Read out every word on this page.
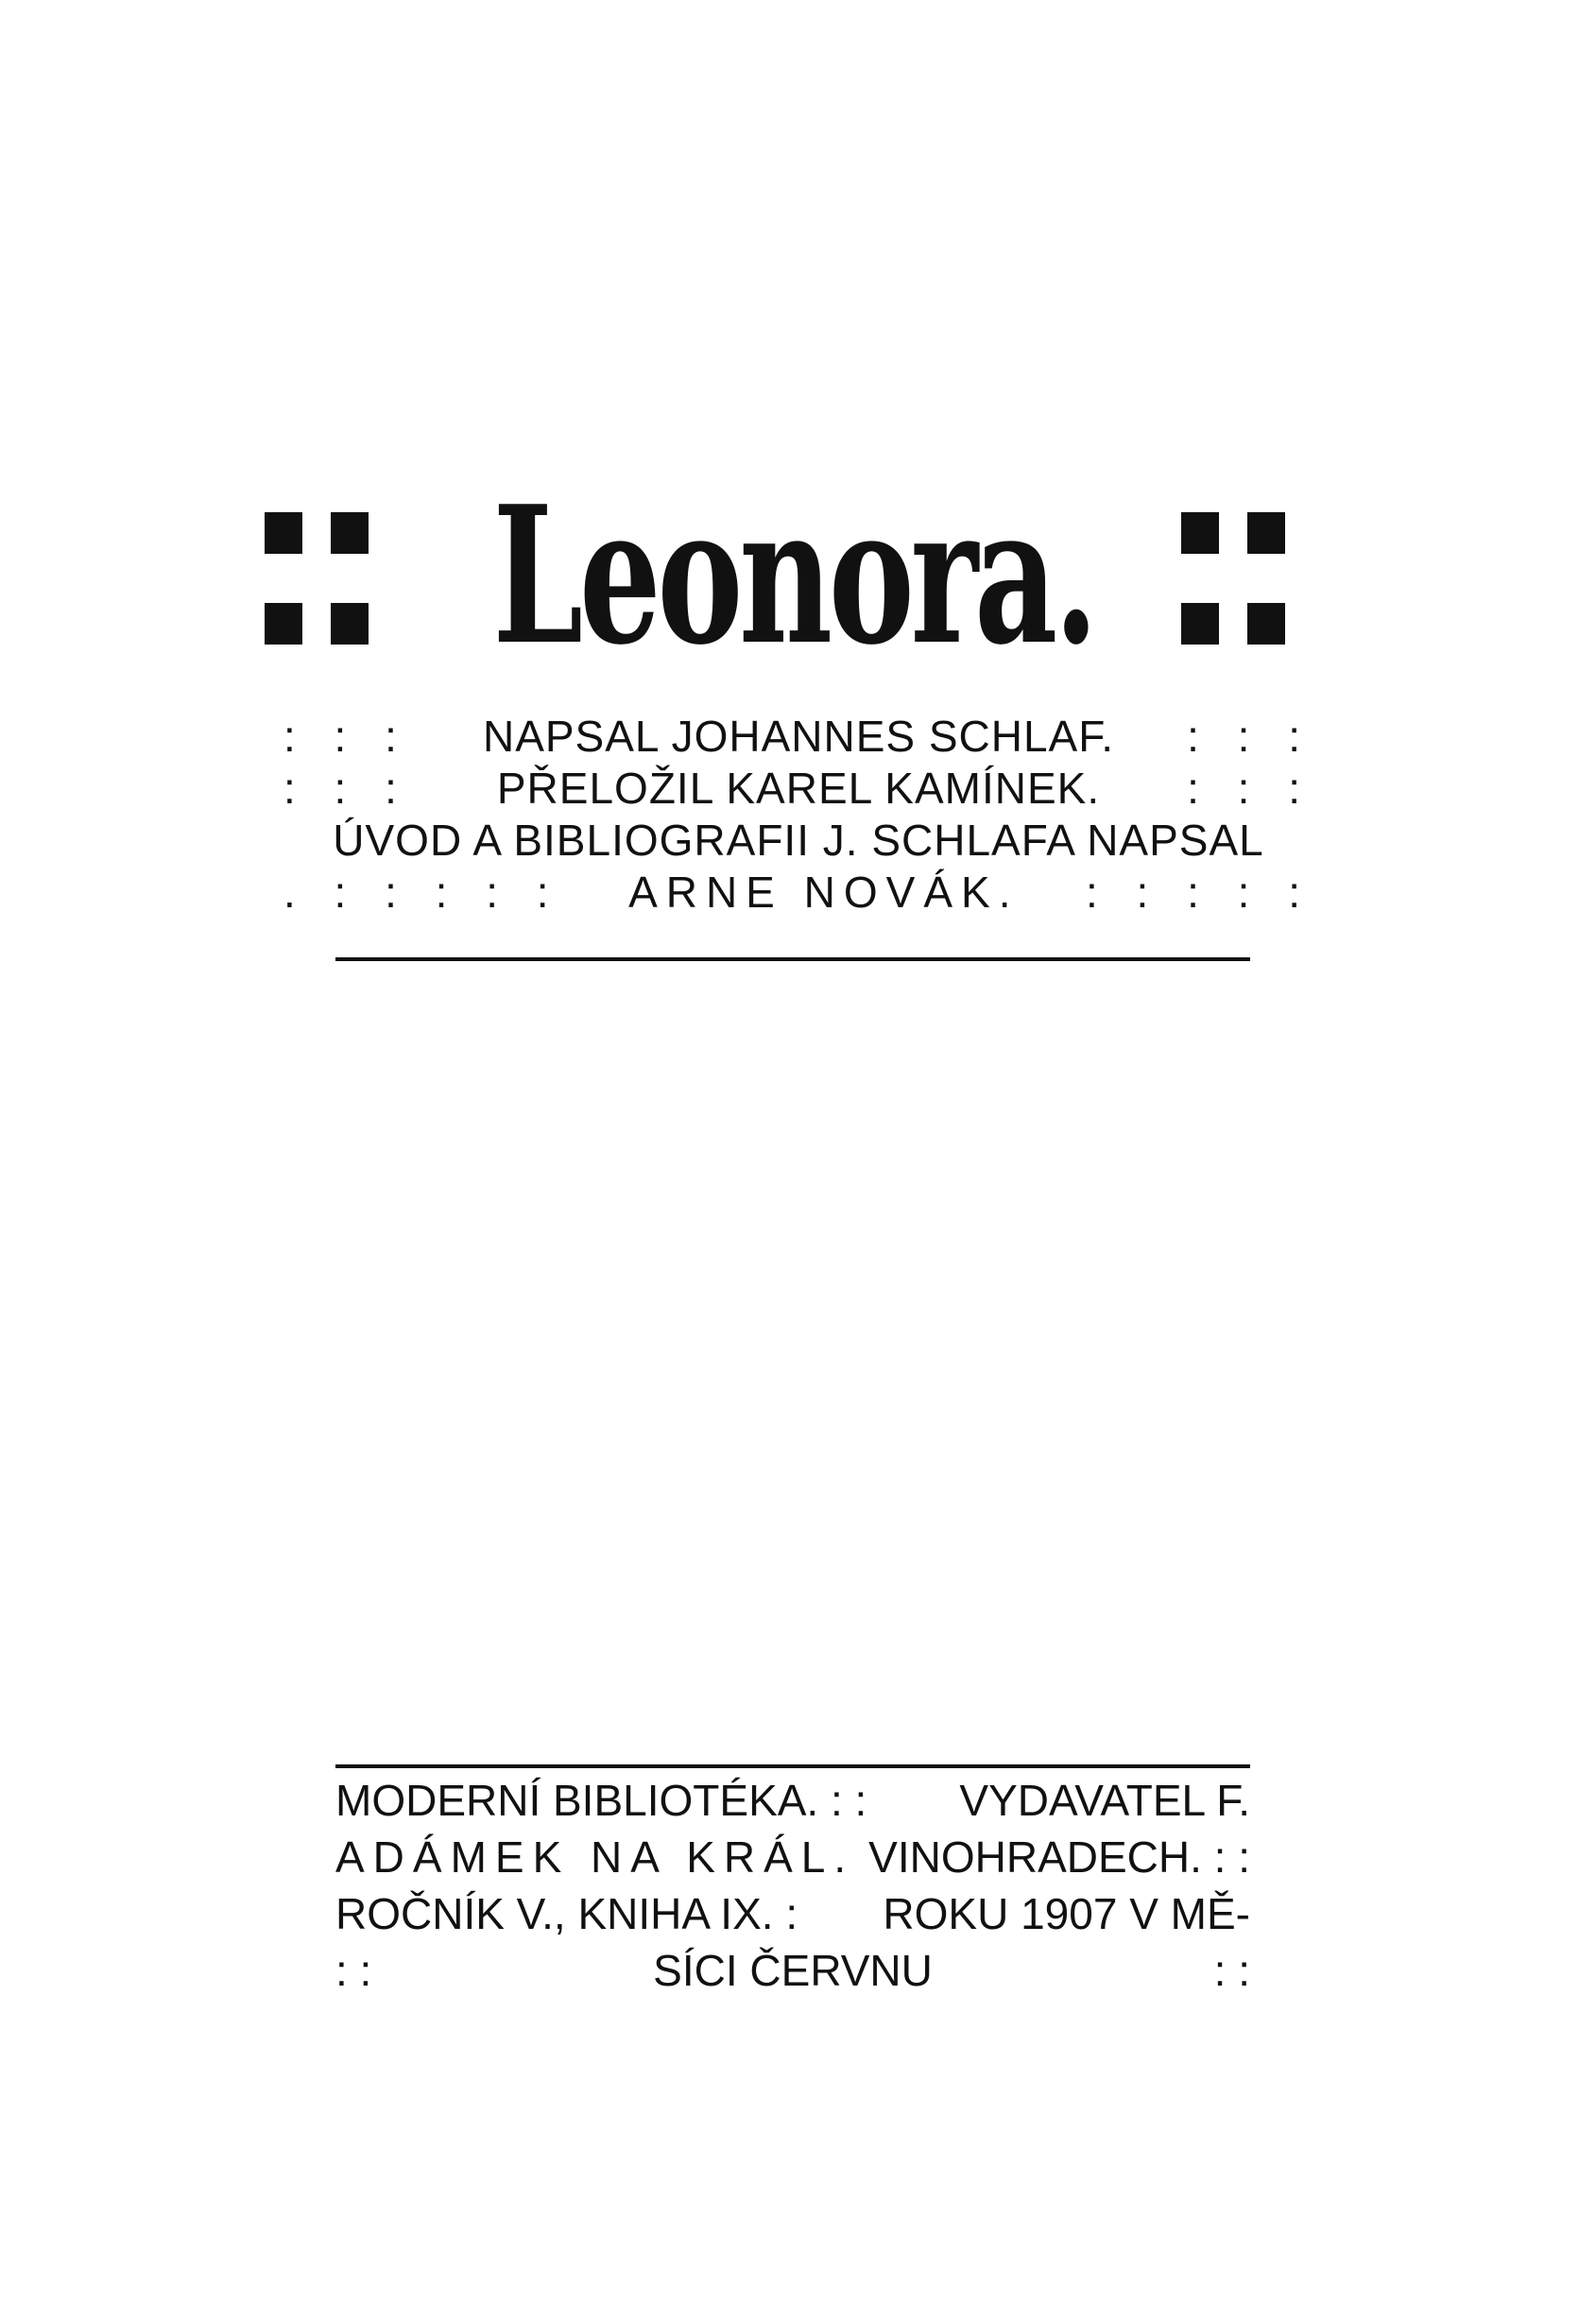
Leonora.
: : : NAPSAL JOHANNES SCHLAF. : : :
: : : PŘELOŽIL KAREL KAMÍNEK. : : :
ÚVOD A BIBLIOGRAFII J. SCHLAFA NAPSAL
. : : : : : ARNE NOVÁK. : : : : :
MODERNÍ BIBLIOTÉKA. : : VYDAVATEL F.
ADÁMEK NA KRÁL. VINOHRADECH. : :
ROČNÍK V., KNIHA IX. : ROKU 1907 V MĚ-
: :	SÍCI ČERVNU	: :
